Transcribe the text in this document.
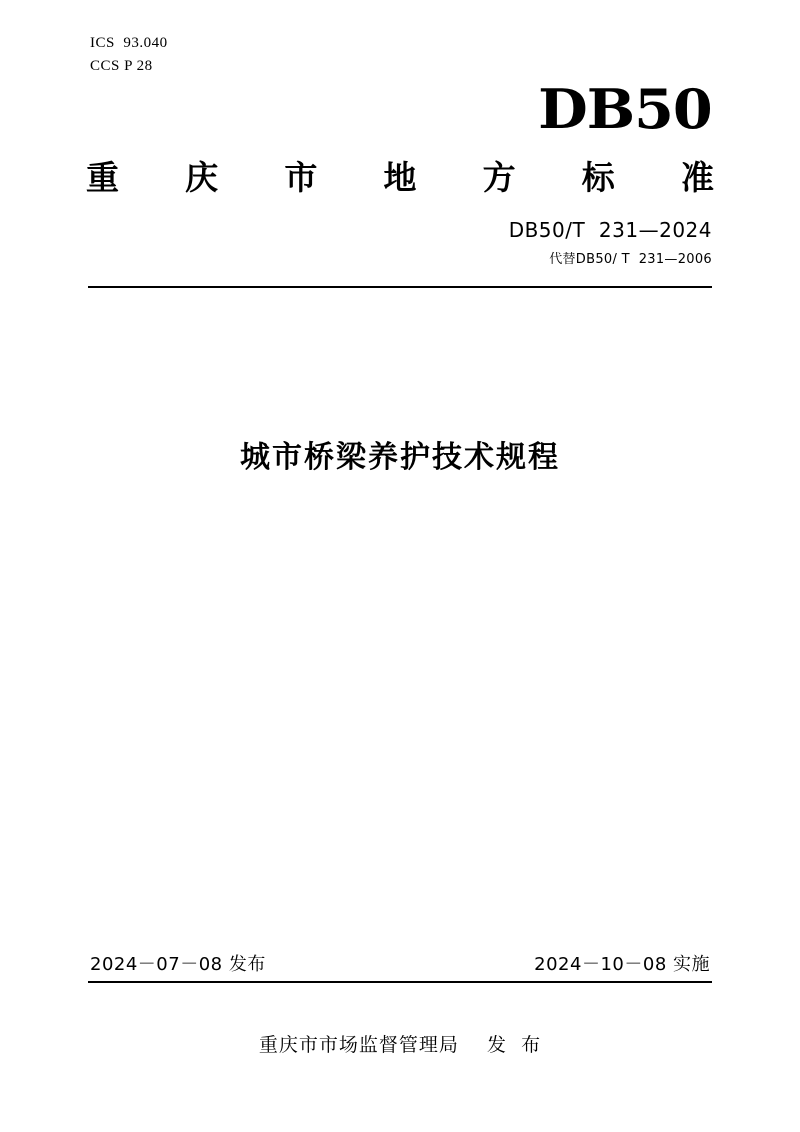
ICS  93.040
CCS P 28
DB50
重 庆 市 地 方 标 准
DB50/T  231—2024
代替DB50/ T  231—2006
城市桥梁养护技术规程
2024－07－08 发布	2024－10－08 实施
重庆市市场监督管理局    发  布
